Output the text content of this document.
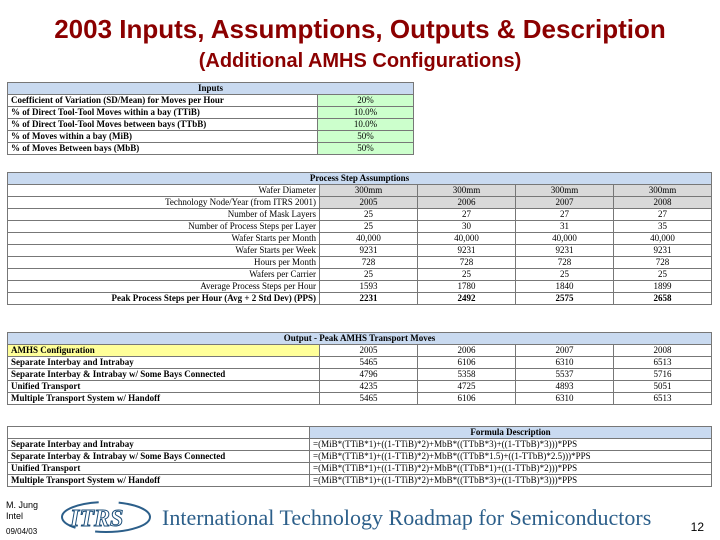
2003 Inputs, Assumptions, Outputs & Description
(Additional AMHS Configurations)
Inputs	
Coefficient of Variation (SD/Mean) for Moves per Hour	20%
% of Direct Tool-Tool Moves within a bay (TTiB)	10.0%
% of Direct Tool-Tool Moves between bays (TTbB)	10.0%
% of Moves within a bay (MiB)	50%
% of Moves Between bays (MbB)	50%
Process Step Assumptions				
Wafer Diameter	300mm	300mm	300mm	300mm
Technology Node/Year (from ITRS 2001)	2005	2006	2007	2008
Number of Mask Layers	25	27	27	27
Number of Process Steps per Layer	25	30	31	35
Wafer Starts per Month	40,000	40,000	40,000	40,000
Wafer Starts per Week	9231	9231	9231	9231
Hours per Month	728	728	728	728
Wafers per Carrier	25	25	25	25
Average Process Steps per Hour	1593	1780	1840	1899
Peak Process Steps per Hour (Avg + 2 Std Dev) (PPS)	2231	2492	2575	2658
Output - Peak AMHS Transport Moves				
AMHS Configuration	2005	2006	2007	2008
Separate Interbay and Intrabay	5465	6106	6310	6513
Separate Interbay & Intrabay w/ Some Bays Connected	4796	5358	5537	5716
Unified Transport	4235	4725	4893	5051
Multiple Transport System w/ Handoff	5465	6106	6310	6513
	Formula Description
Separate Interbay and Intrabay	=(MiB*(TTiB*1)+((1-TTiB)*2)+MbB*((TTbB*3)+((1-TTbB)*3)))*PPS
Separate Interbay & Intrabay w/ Some Bays Connected	=(MiB*(TTiB*1)+((1-TTiB)*2)+MbB*((TTbB*1.5)+((1-TTbB)*2.5)))*PPS
Unified Transport	=(MiB*(TTiB*1)+((1-TTiB)*2)+MbB*((TTbB*1)+((1-TTbB)*2)))*PPS
Multiple Transport System w/ Handoff	=(MiB*(TTiB*1)+((1-TTiB)*2)+MbB*((TTbB*3)+((1-TTbB)*3)))*PPS
M. Jung
Intel
09/04/03 ITRS International Technology Roadmap for Semiconductors	12
